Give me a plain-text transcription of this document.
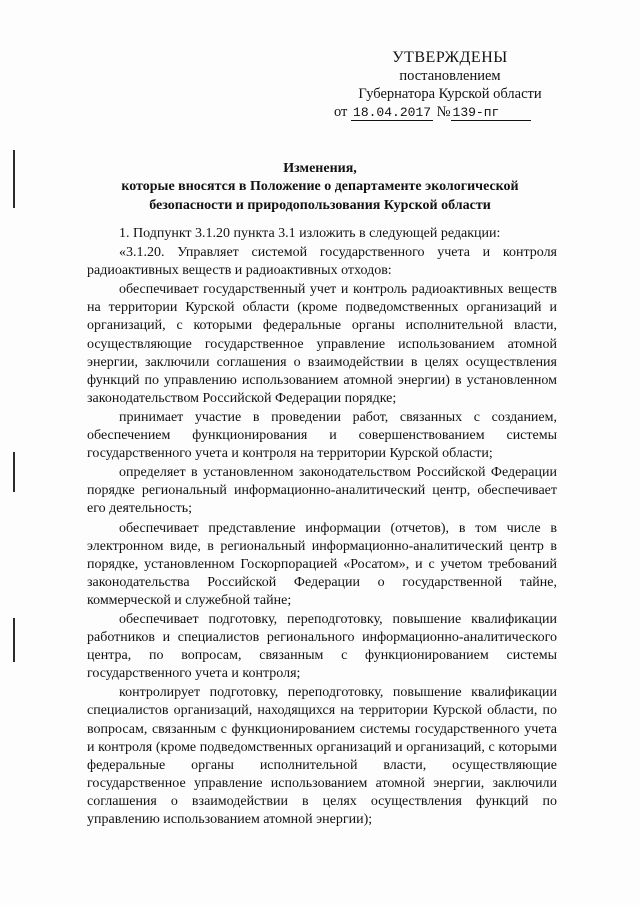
УТВЕРЖДЕНЫ
постановлением
Губернатора Курской области
от 18.04.2017 № 139-пг
Изменения,
которые вносятся в Положение о департаменте экологической
безопасности и природопользования Курской области

1. Подпункт 3.1.20 пункта 3.1 изложить в следующей редакции:

«3.1.20. Управляет системой государственного учета и контроля радиоактивных веществ и радиоактивных отходов:

обеспечивает государственный учет и контроль радиоактивных веществ на территории Курской области (кроме подведомственных организаций и организаций, с которыми федеральные органы исполнительной власти, осуществляющие государственное управление использованием атомной энергии, заключили соглашения о взаимодействии в целях осуществления функций по управлению использованием атомной энергии) в установленном законодательством Российской Федерации порядке;

принимает участие в проведении работ, связанных с созданием, обеспечением функционирования и совершенствованием системы государственного учета и контроля на территории Курской области;

определяет в установленном законодательством Российской Федерации порядке региональный информационно-аналитический центр, обеспечивает его деятельность;

обеспечивает представление информации (отчетов), в том числе в электронном виде, в региональный информационно-аналитический центр в порядке, установленном Госкорпорацией «Росатом», и с учетом требований законодательства Российской Федерации о государственной тайне, коммерческой и служебной тайне;

обеспечивает подготовку, переподготовку, повышение квалификации работников и специалистов регионального информационно-аналитического центра, по вопросам, связанным с функционированием системы государственного учета и контроля;

контролирует подготовку, переподготовку, повышение квалификации специалистов организаций, находящихся на территории Курской области, по вопросам, связанным с функционированием системы государственного учета и контроля (кроме подведомственных организаций и организаций, с которыми федеральные органы исполнительной власти, осуществляющие государственное управление использованием атомной энергии, заключили соглашения о взаимодействии в целях осуществления функций по управлению использованием атомной энергии);
